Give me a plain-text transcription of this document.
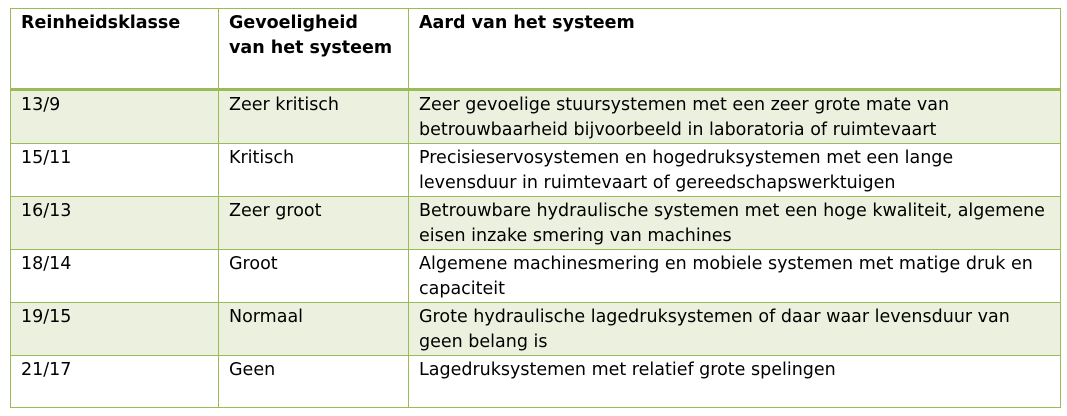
Reinheidsklasse	Gevoeligheid van het systeem	Aard van het systeem
13/9	Zeer kritisch	Zeer gevoelige stuursystemen met een zeer grote mate van betrouwbaarheid bijvoorbeeld in laboratoria of ruimtevaart
15/11	Kritisch	Precisieservosystemen en hogedruksystemen met een lange levensduur in ruimtevaart of gereedschapswerktuigen
16/13	Zeer groot	Betrouwbare hydraulische systemen met een hoge kwaliteit, algemene eisen inzake smering van machines
18/14	Groot	Algemene machinesmering en mobiele systemen met matige druk en capaciteit
19/15	Normaal	Grote hydraulische lagedruksystemen of daar waar levensduur van geen belang is
21/17	Geen	Lagedruksystemen met relatief grote spelingen
